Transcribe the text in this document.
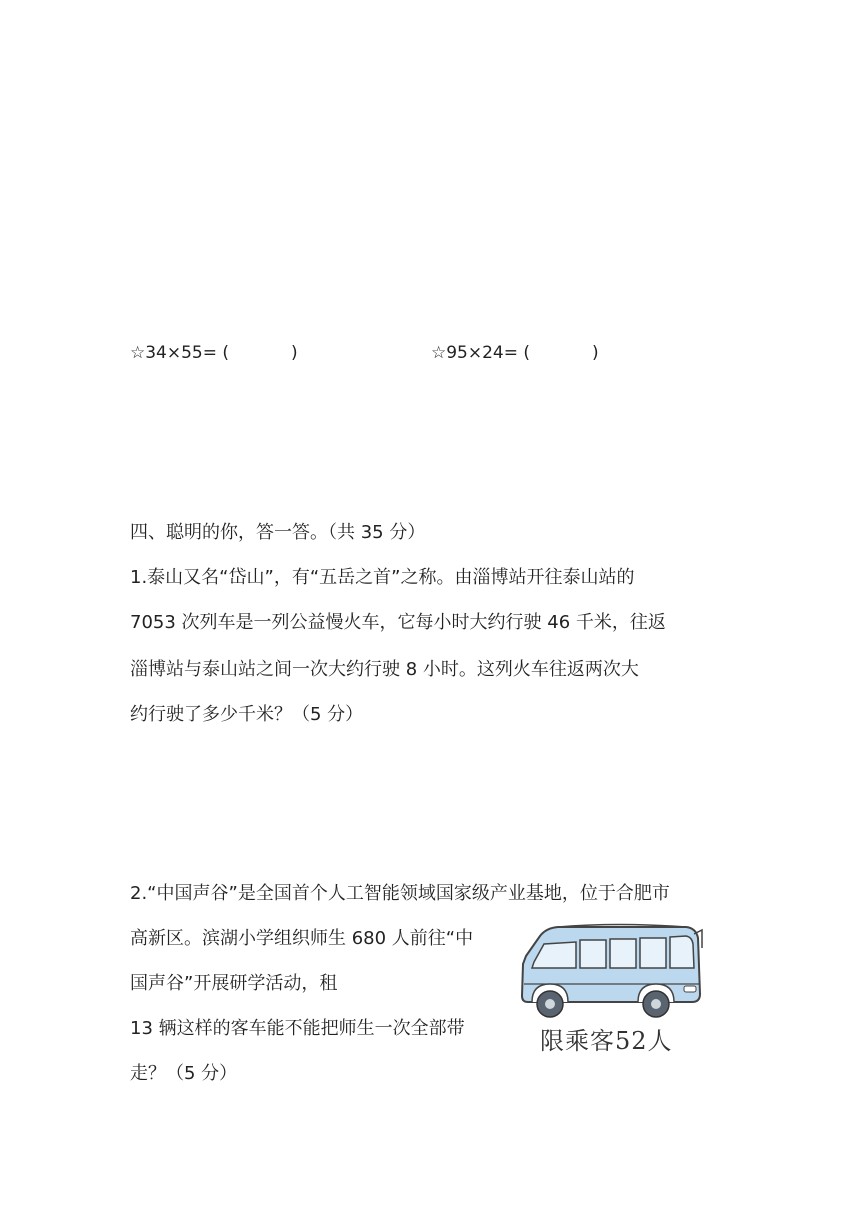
☆34×55= (	)	☆95×24= (	)
四、聪明的你，答一答。（共 35 分）
1.泰山又名“岱山”，有“五岳之首”之称。由淄博站开往泰山站的
7053 次列车是一列公益慢火车，它每小时大约行驶 46 千米，往返
淄博站与泰山站之间一次大约行驶 8 小时。这列火车往返两次大
约行驶了多少千米？（5 分）
2.“中国声谷”是全国首个人工智能领域国家级产业基地，位于合肥市
高新区。滨湖小学组织师生 680 人前往“中
国声谷”开展研学活动，租
13 辆这样的客车能不能把师生一次全部带
走？（5 分）
限乘客52人
